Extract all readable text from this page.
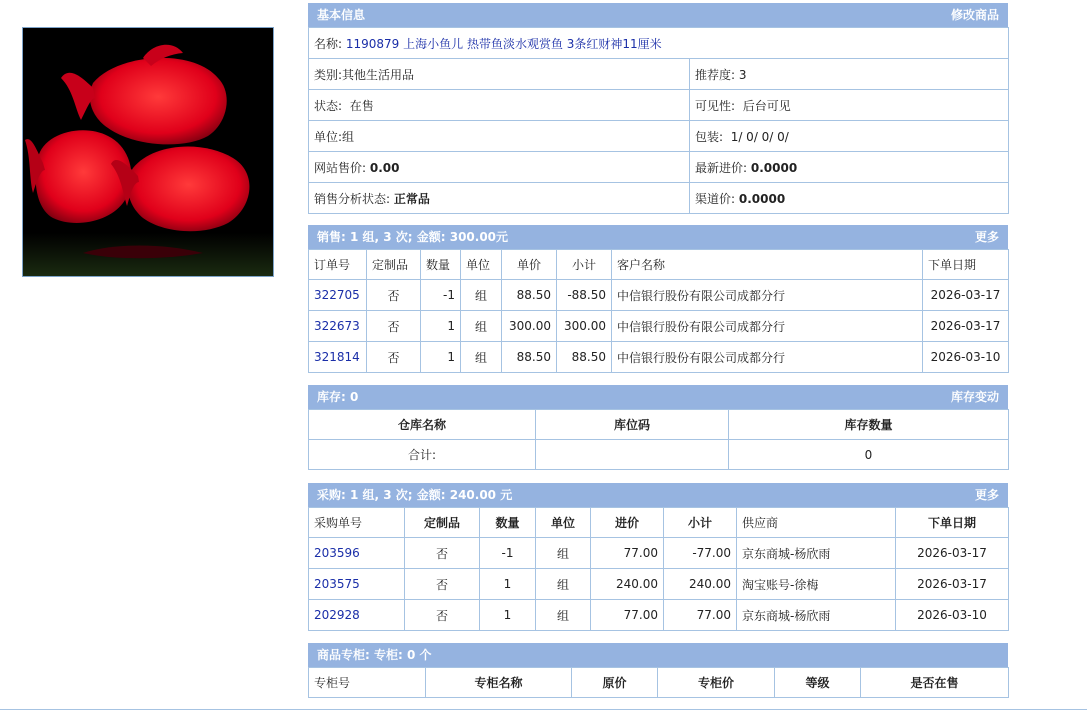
基本信息	修改商品
名称: 1190879 上海小鱼儿 热带鱼淡水观赏鱼 3条红财神11厘米	
类别:其他生活用品	推荐度: 3
状态: 在售	可见性: 后台可见
单位:组	包装: 1/ 0/ 0/ 0/
网站售价: 0.00	最新进价: 0.0000
销售分析状态: 正常品	渠道价: 0.0000
销售: 1 组, 3 次; 金额: 300.00元	更多
订单号	定制品	数量	单位	单价	小计	客户名称	下单日期
322705	否	-1	组	88.50	-88.50	中信银行股份有限公司成都分行	2026-03-17
322673	否	1	组	300.00	300.00	中信银行股份有限公司成都分行	2026-03-17
321814	否	1	组	88.50	88.50	中信银行股份有限公司成都分行	2026-03-10
库存: 0	库存变动
仓库名称	库位码	库存数量
合计:		0
采购: 1 组, 3 次; 金额: 240.00 元	更多
采购单号	定制品	数量	单位	进价	小计	供应商	下单日期
203596	否	-1	组	77.00	-77.00	京东商城-杨欣雨	2026-03-17
203575	否	1	组	240.00	240.00	淘宝账号-徐梅	2026-03-17
202928	否	1	组	77.00	77.00	京东商城-杨欣雨	2026-03-10
商品专柜: 专柜: 0 个
专柜号	专柜名称	原价	专柜价	等级	是否在售
